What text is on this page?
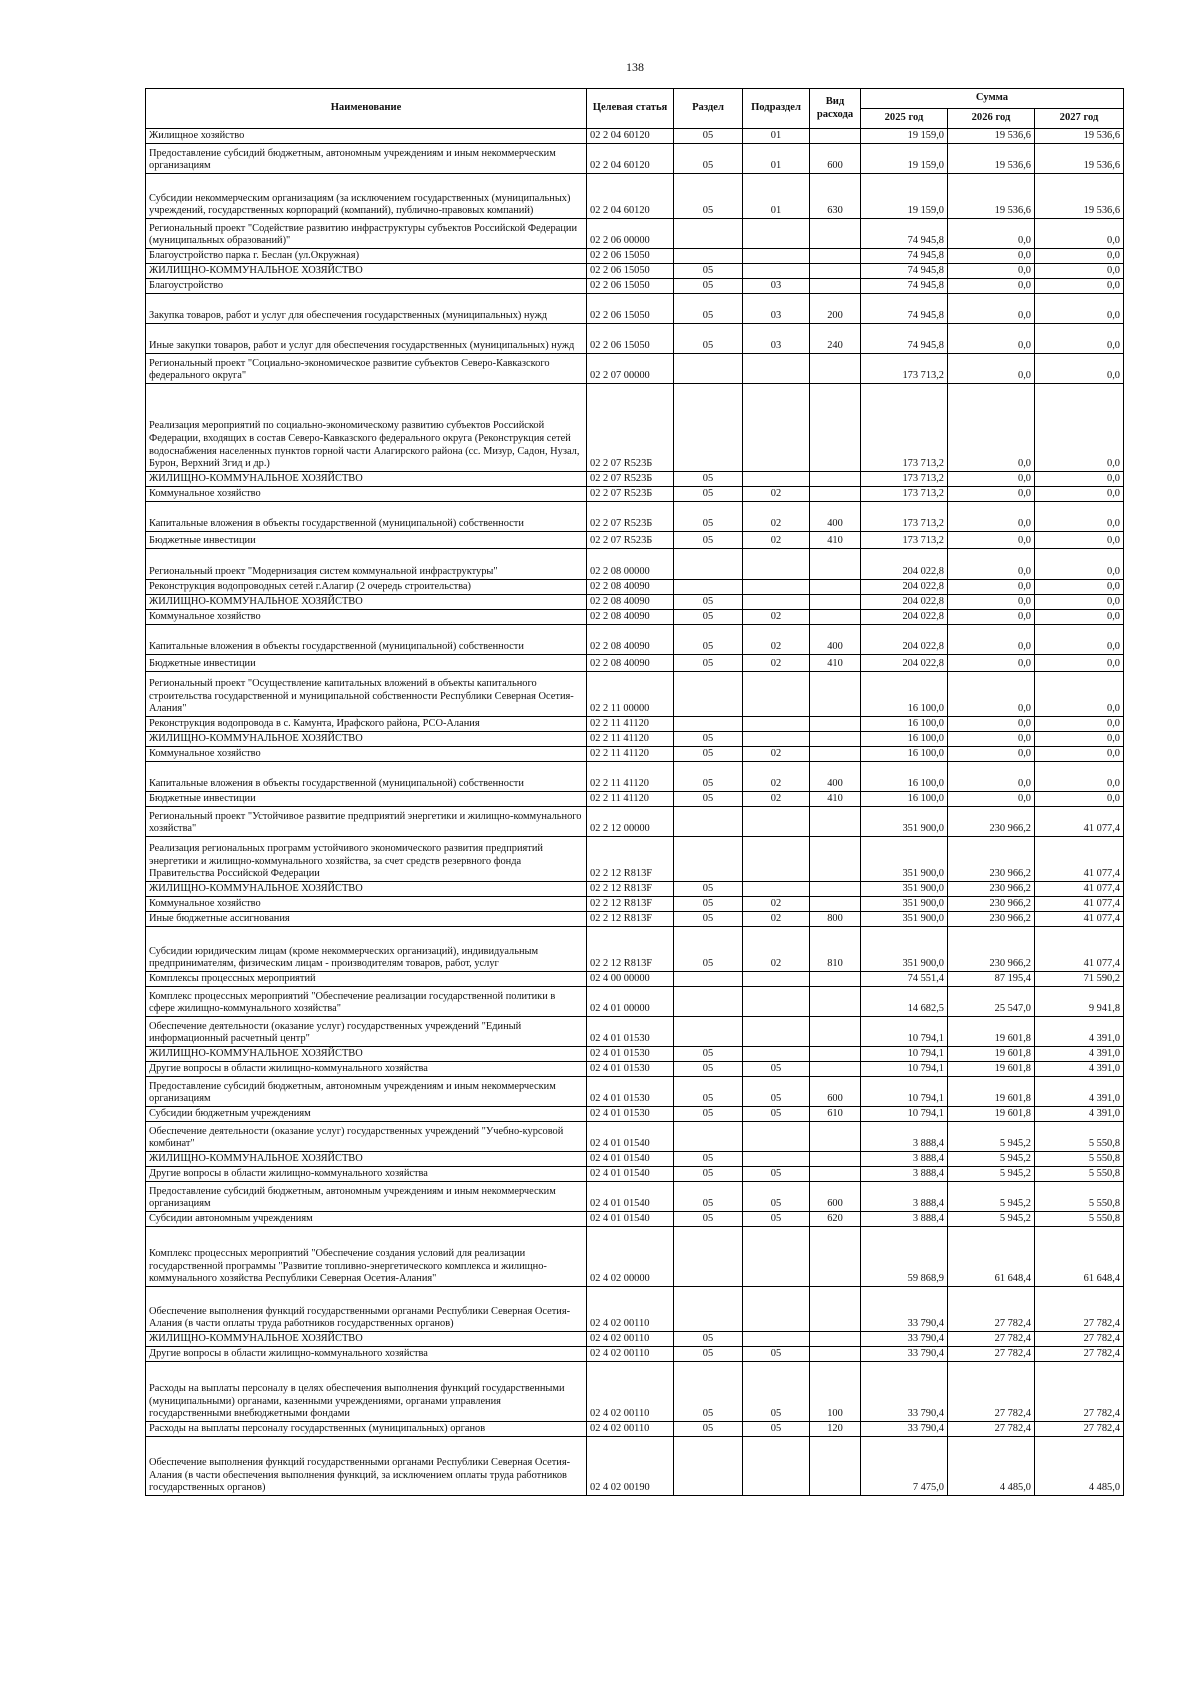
138
Наименование	Целевая статья	Раздел	Подраздел	Вид расхода	Сумма		
					2025 год	2026 год	2027 год
Жилищное хозяйство	02 2 04 60120	05	01		19 159,0	19 536,6	19 536,6
Предоставление субсидий бюджетным, автономным учреждениям и иным некоммерческим организациям	02 2 04 60120	05	01	600	19 159,0	19 536,6	19 536,6
Субсидии некоммерческим организациям (за исключением государственных (муниципальных) учреждений, государственных корпораций (компаний), публично-правовых компаний)	02 2 04 60120	05	01	630	19 159,0	19 536,6	19 536,6
Региональный проект "Содействие развитию инфраструктуры субъектов Российской Федерации (муниципальных образований)"	02 2 06 00000				74 945,8	0,0	0,0
Благоустройство парка г. Беслан (ул.Окружная)	02 2 06 15050				74 945,8	0,0	0,0
ЖИЛИЩНО-КОММУНАЛЬНОЕ ХОЗЯЙСТВО	02 2 06 15050	05			74 945,8	0,0	0,0
Благоустройство	02 2 06 15050	05	03		74 945,8	0,0	0,0
Закупка товаров, работ и услуг для обеспечения государственных (муниципальных) нужд	02 2 06 15050	05	03	200	74 945,8	0,0	0,0
Иные закупки товаров, работ и услуг для обеспечения государственных (муниципальных) нужд	02 2 06 15050	05	03	240	74 945,8	0,0	0,0
Региональный проект "Социально-экономическое развитие субъектов Северо-Кавказского федерального округа"	02 2 07 00000				173 713,2	0,0	0,0
Реализация мероприятий по социально-экономическому развитию субъектов Российской Федерации, входящих в состав Северо-Кавказского федерального округа (Реконструкция сетей водоснабжения населенных пунктов горной части Алагирского района (сс. Мизур, Садон, Нузал, Бурон, Верхний Згид и др.)	02 2 07 R523Б				173 713,2	0,0	0,0
ЖИЛИЩНО-КОММУНАЛЬНОЕ ХОЗЯЙСТВО	02 2 07 R523Б	05			173 713,2	0,0	0,0
Коммунальное хозяйство	02 2 07 R523Б	05	02		173 713,2	0,0	0,0
Капитальные вложения в объекты государственной (муниципальной) собственности	02 2 07 R523Б	05	02	400	173 713,2	0,0	0,0
Бюджетные инвестиции	02 2 07 R523Б	05	02	410	173 713,2	0,0	0,0
Региональный проект "Модернизация систем коммунальной инфраструктуры"	02 2 08 00000				204 022,8	0,0	0,0
Реконструкция водопроводных сетей г.Алагир (2 очередь строительства)	02 2 08 40090				204 022,8	0,0	0,0
ЖИЛИЩНО-КОММУНАЛЬНОЕ ХОЗЯЙСТВО	02 2 08 40090	05			204 022,8	0,0	0,0
Коммунальное хозяйство	02 2 08 40090	05	02		204 022,8	0,0	0,0
Капитальные вложения в объекты государственной (муниципальной) собственности	02 2 08 40090	05	02	400	204 022,8	0,0	0,0
Бюджетные инвестиции	02 2 08 40090	05	02	410	204 022,8	0,0	0,0
Региональный проект "Осуществление капитальных вложений в объекты капитального строительства государственной и муниципальной собственности Республики Северная Осетия-Алания"	02 2 11 00000				16 100,0	0,0	0,0
Реконструкция водопровода в с. Камунта, Ирафского района, РСО-Алания	02 2 11 41120				16 100,0	0,0	0,0
ЖИЛИЩНО-КОММУНАЛЬНОЕ ХОЗЯЙСТВО	02 2 11 41120	05			16 100,0	0,0	0,0
Коммунальное хозяйство	02 2 11 41120	05	02		16 100,0	0,0	0,0
Капитальные вложения в объекты государственной (муниципальной) собственности	02 2 11 41120	05	02	400	16 100,0	0,0	0,0
Бюджетные инвестиции	02 2 11 41120	05	02	410	16 100,0	0,0	0,0
Региональный проект "Устойчивое развитие предприятий энергетики и жилищно-коммунального хозяйства"	02 2 12 00000				351 900,0	230 966,2	41 077,4
Реализация региональных программ устойчивого экономического развития предприятий энергетики и жилищно-коммунального хозяйства, за счет средств резервного фонда Правительства Российской Федерации	02 2 12 R813F				351 900,0	230 966,2	41 077,4
ЖИЛИЩНО-КОММУНАЛЬНОЕ ХОЗЯЙСТВО	02 2 12 R813F	05			351 900,0	230 966,2	41 077,4
Коммунальное хозяйство	02 2 12 R813F	05	02		351 900,0	230 966,2	41 077,4
Иные бюджетные ассигнования	02 2 12 R813F	05	02	800	351 900,0	230 966,2	41 077,4
Субсидии юридическим лицам (кроме некоммерческих организаций), индивидуальным предпринимателям, физическим лицам - производителям товаров, работ, услуг	02 2 12 R813F	05	02	810	351 900,0	230 966,2	41 077,4
Комплексы процессных мероприятий	02 4 00 00000				74 551,4	87 195,4	71 590,2
Комплекс процессных мероприятий "Обеспечение реализации государственной политики в сфере жилищно-коммунального хозяйства"	02 4 01 00000				14 682,5	25 547,0	9 941,8
Обеспечение деятельности (оказание услуг) государственных учреждений "Единый информационный расчетный центр"	02 4 01 01530				10 794,1	19 601,8	4 391,0
ЖИЛИЩНО-КОММУНАЛЬНОЕ ХОЗЯЙСТВО	02 4 01 01530	05			10 794,1	19 601,8	4 391,0
Другие вопросы в области жилищно-коммунального хозяйства	02 4 01 01530	05	05		10 794,1	19 601,8	4 391,0
Предоставление субсидий бюджетным, автономным учреждениям и иным некоммерческим организациям	02 4 01 01530	05	05	600	10 794,1	19 601,8	4 391,0
Субсидии бюджетным учреждениям	02 4 01 01530	05	05	610	10 794,1	19 601,8	4 391,0
Обеспечение деятельности (оказание услуг) государственных учреждений "Учебно-курсовой комбинат"	02 4 01 01540				3 888,4	5 945,2	5 550,8
ЖИЛИЩНО-КОММУНАЛЬНОЕ ХОЗЯЙСТВО	02 4 01 01540	05			3 888,4	5 945,2	5 550,8
Другие вопросы в области жилищно-коммунального хозяйства	02 4 01 01540	05	05		3 888,4	5 945,2	5 550,8
Предоставление субсидий бюджетным, автономным учреждениям и иным некоммерческим организациям	02 4 01 01540	05	05	600	3 888,4	5 945,2	5 550,8
Субсидии автономным учреждениям	02 4 01 01540	05	05	620	3 888,4	5 945,2	5 550,8
Комплекс процессных мероприятий "Обеспечение создания условий для реализации государственной программы "Развитие топливно-энергетического комплекса и жилищно-коммунального хозяйства Республики Северная Осетия-Алания"	02 4 02 00000				59 868,9	61 648,4	61 648,4
Обеспечение выполнения функций государственными органами Республики Северная Осетия-Алания (в части оплаты труда работников государственных органов)	02 4 02 00110				33 790,4	27 782,4	27 782,4
ЖИЛИЩНО-КОММУНАЛЬНОЕ ХОЗЯЙСТВО	02 4 02 00110	05			33 790,4	27 782,4	27 782,4
Другие вопросы в области жилищно-коммунального хозяйства	02 4 02 00110	05	05		33 790,4	27 782,4	27 782,4
Расходы на выплаты персоналу в целях обеспечения выполнения функций государственными (муниципальными) органами, казенными учреждениями, органами управления государственными внебюджетными фондами	02 4 02 00110	05	05	100	33 790,4	27 782,4	27 782,4
Расходы на выплаты персоналу государственных (муниципальных) органов	02 4 02 00110	05	05	120	33 790,4	27 782,4	27 782,4
Обеспечение выполнения функций государственными органами Республики Северная Осетия-Алания (в части обеспечения выполнения функций, за исключением оплаты труда работников государственных органов)	02 4 02 00190				7 475,0	4 485,0	4 485,0
